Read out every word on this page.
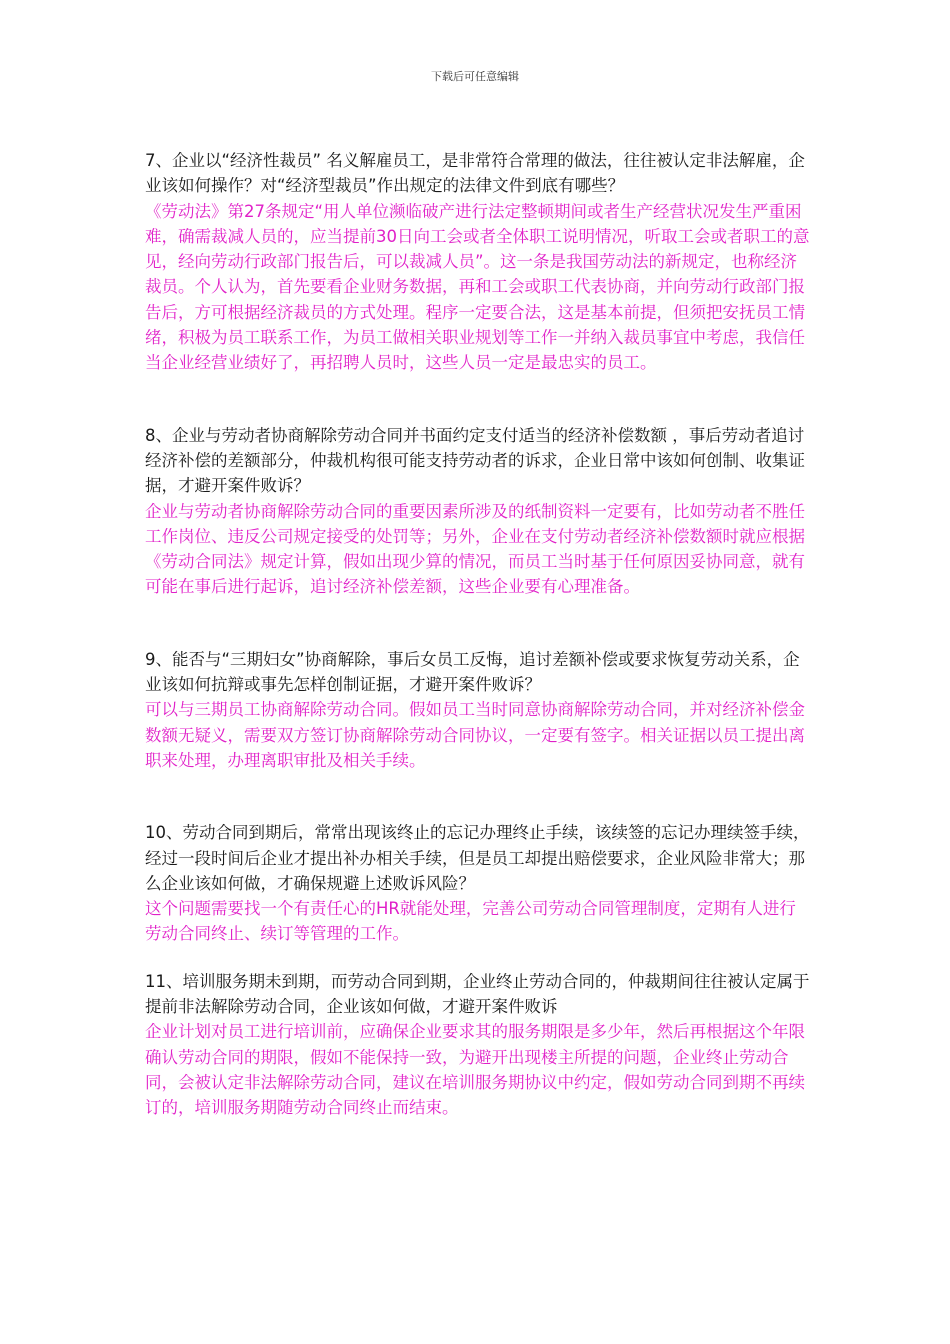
下载后可任意编辑

7、企业以“经济性裁员” 名义解雇员工，是非常符合常理的做法，往往被认定非法解雇，企业该如何操作？对“经济型裁员”作出规定的法律文件到底有哪些？

《劳动法》第27条规定“用人单位濒临破产进行法定整顿期间或者生产经营状况发生严重困难，确需裁减人员的，应当提前30日向工会或者全体职工说明情况，听取工会或者职工的意见，经向劳动行政部门报告后，可以裁减人员”。这一条是我国劳动法的新规定，也称经济裁员。个人认为，首先要看企业财务数据，再和工会或职工代表协商，并向劳动行政部门报告后，方可根据经济裁员的方式处理。程序一定要合法，这是基本前提，但须把安抚员工情绪，积极为员工联系工作，为员工做相关职业规划等工作一并纳入裁员事宜中考虑，我信任当企业经营业绩好了，再招聘人员时，这些人员一定是最忠实的员工。

8、企业与劳动者协商解除劳动合同并书面约定支付适当的经济补偿数额 ，事后劳动者追讨经济补偿的差额部分，仲裁机构很可能支持劳动者的诉求，企业日常中该如何创制、收集证据，才避开案件败诉？

企业与劳动者协商解除劳动合同的重要因素所涉及的纸制资料一定要有，比如劳动者不胜任工作岗位、违反公司规定接受的处罚等；另外，企业在支付劳动者经济补偿数额时就应根据《劳动合同法》规定计算，假如出现少算的情况，而员工当时基于任何原因妥协同意，就有可能在事后进行起诉，追讨经济补偿差额，这些企业要有心理准备。

9、能否与“三期妇女”协商解除，事后女员工反悔，追讨差额补偿或要求恢复劳动关系，企业该如何抗辩或事先怎样创制证据，才避开案件败诉？

可以与三期员工协商解除劳动合同。假如员工当时同意协商解除劳动合同，并对经济补偿金数额无疑义，需要双方签订协商解除劳动合同协议，一定要有签字。相关证据以员工提出离职来处理，办理离职审批及相关手续。

10、劳动合同到期后，常常出现该终止的忘记办理终止手续，该续签的忘记办理续签手续，经过一段时间后企业才提出补办相关手续，但是员工却提出赔偿要求，企业风险非常大；那么企业该如何做，才确保规避上述败诉风险？

这个问题需要找一个有责任心的HR就能处理，完善公司劳动合同管理制度，定期有人进行劳动合同终止、续订等管理的工作。

11、培训服务期未到期，而劳动合同到期，企业终止劳动合同的，仲裁期间往往被认定属于提前非法解除劳动合同，企业该如何做，才避开案件败诉

企业计划对员工进行培训前，应确保企业要求其的服务期限是多少年，然后再根据这个年限确认劳动合同的期限，假如不能保持一致，为避开出现楼主所提的问题，企业终止劳动合同，会被认定非法解除劳动合同，建议在培训服务期协议中约定，假如劳动合同到期不再续订的，培训服务期随劳动合同终止而结束。
